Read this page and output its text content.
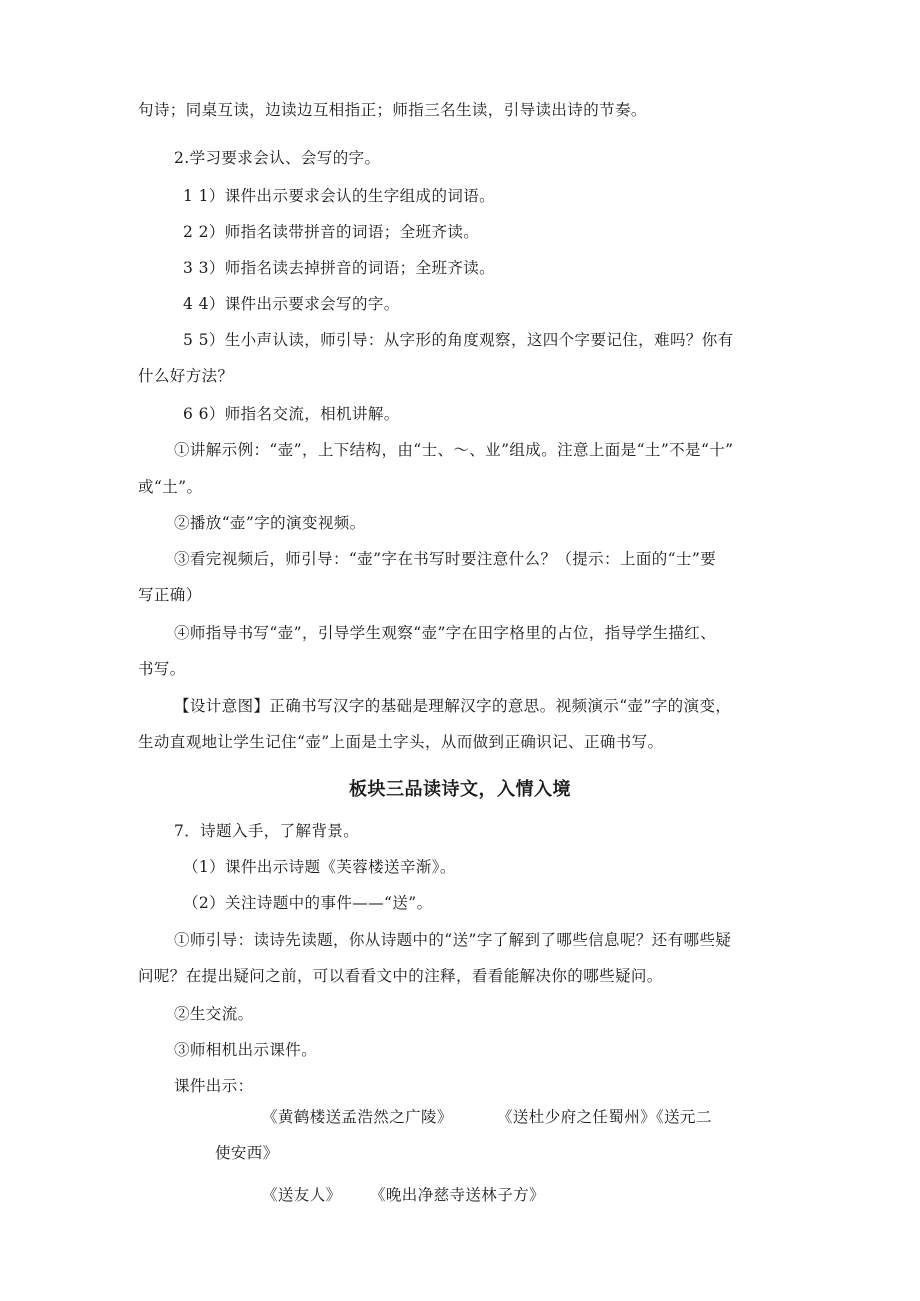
句诗；同桌互读，边读边互相指正；师指三名生读，引导读出诗的节奏。

2.学习要求会认、会写的字。

1 1）课件出示要求会认的生字组成的词语。

2 2）师指名读带拼音的词语；全班齐读。

3 3）师指名读去掉拼音的词语；全班齐读。

4 4）课件出示要求会写的字。

5 5）生小声认读，师引导：从字形的角度观察，这四个字要记住，难吗？你有

什么好方法？

6 6）师指名交流，相机讲解。

①讲解示例：“壶”，上下结构，由“士、〜、业”组成。注意上面是“土”不是“十”

或“土”。

②播放“壶”字的演变视频。

③看完视频后，师引导：“壶”字在书写时要注意什么？（提示：上面的“士”要

写正确）

④师指导书写“壶”，引导学生观察“壶”字在田字格里的占位，指导学生描红、

书写。

【设计意图】正确书写汉字的基础是理解汉字的意思。视频演示“壶”字的演变，

生动直观地让学生记住“壶”上面是土字头，从而做到正确识记、正确书写。

板块三品读诗文，入情入境

7．诗题入手，了解背景。

（1）课件出示诗题《芙蓉楼送辛渐》。

（2）关注诗题中的事件——“送”。

①师引导：读诗先读题，你从诗题中的“送”字了解到了哪些信息呢？还有哪些疑

问呢？在提出疑问之前，可以看看文中的注释，看看能解决你的哪些疑问。

②生交流。

③师相机出示课件。

课件出示：

《黄鹤楼送孟浩然之广陵》	《送杜少府之任蜀州》《送元二

使安西》

《送友人》 《晚出净慈寺送林子方》
